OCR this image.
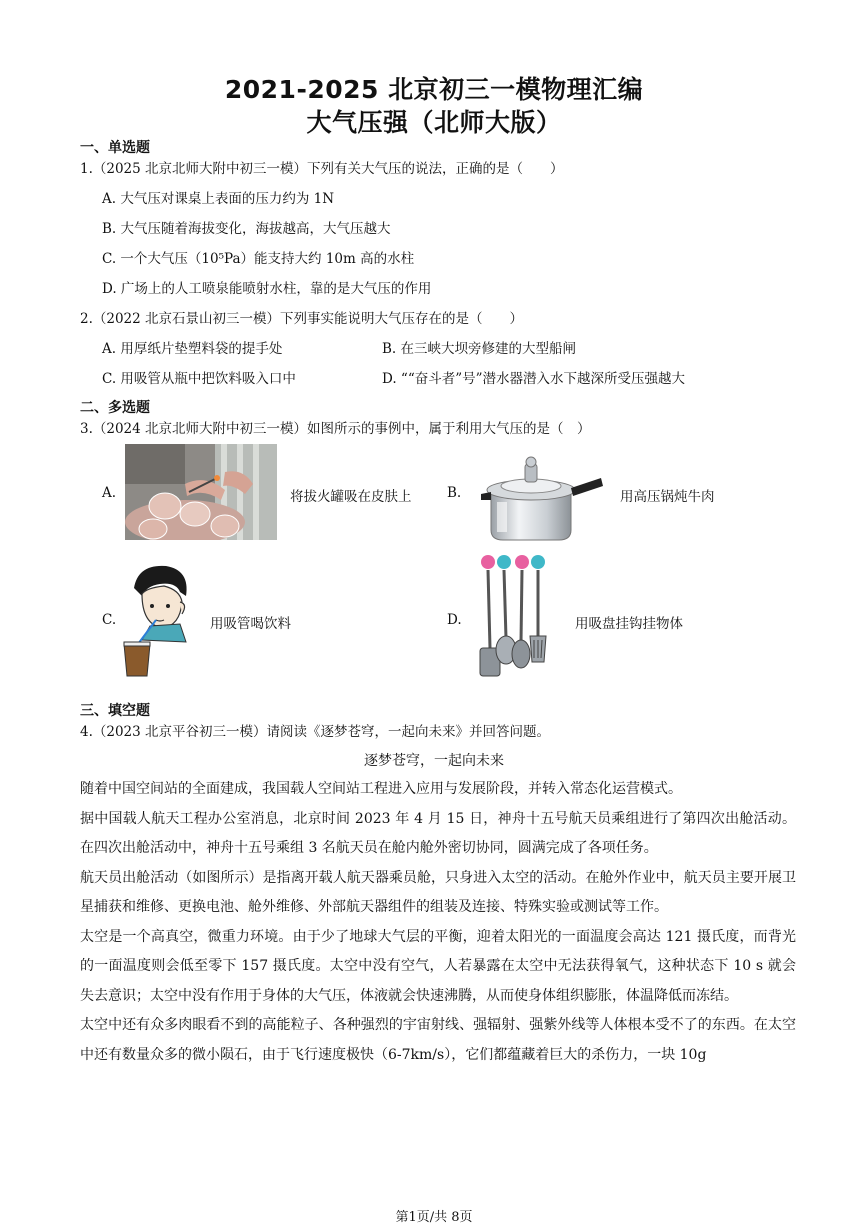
2021-2025 北京初三一模物理汇编
大气压强（北师大版）
一、单选题
1.（2025 北京北师大附中初三一模）下列有关大气压的说法，正确的是（　　）
A. 大气压对课桌上表面的压力约为 1N
B. 大气压随着海拔变化，海拔越高，大气压越大
C. 一个大气压（10⁵Pa）能支持大约 10m 高的水柱
D. 广场上的人工喷泉能喷射水柱，靠的是大气压的作用
2.（2022 北京石景山初三一模）下列事实能说明大气压存在的是（　　）
A. 用厚纸片垫塑料袋的提手处	B. 在三峡大坝旁修建的大型船闸
C. 用吸管从瓶中把饮料吸入口中	D. ““奋斗者”号”潜水器潜入水下越深所受压强越大
二、多选题
3.（2024 北京北师大附中初三一模）如图所示的事例中，属于利用大气压的是（　）
A.	将拔火罐吸在皮肤上	B.	用高压锅炖牛肉
C.	用吸管喝饮料	D.	用吸盘挂钩挂物体
三、填空题
4.（2023 北京平谷初三一模）请阅读《逐梦苍穹，一起向未来》并回答问题。
逐梦苍穹，一起向未来

随着中国空间站的全面建成，我国载人空间站工程进入应用与发展阶段，并转入常态化运营模式。

据中国载人航天工程办公室消息，北京时间 2023 年 4 月 15 日，神舟十五号航天员乘组进行了第四次出舱活动。在四次出舱活动中，神舟十五号乘组 3 名航天员在舱内舱外密切协同，圆满完成了各项任务。

航天员出舱活动（如图所示）是指离开载人航天器乘员舱，只身进入太空的活动。在舱外作业中，航天员主要开展卫星捕获和维修、更换电池、舱外维修、外部航天器组件的组装及连接、特殊实验或测试等工作。

太空是一个高真空，微重力环境。由于少了地球大气层的平衡，迎着太阳光的一面温度会高达 121 摄氏度，而背光的一面温度则会低至零下 157 摄氏度。太空中没有空气，人若暴露在太空中无法获得氧气，这种状态下 10 s 就会失去意识；太空中没有作用于身体的大气压，体液就会快速沸腾，从而使身体组织膨胀，体温降低而冻结。

太空中还有众多肉眼看不到的高能粒子、各种强烈的宇宙射线、强辐射、强紫外线等人体根本受不了的东西。在太空中还有数量众多的微小陨石，由于飞行速度极快（6-7km/s），它们都蕴藏着巨大的杀伤力，一块 10g

第1页/共 8页
